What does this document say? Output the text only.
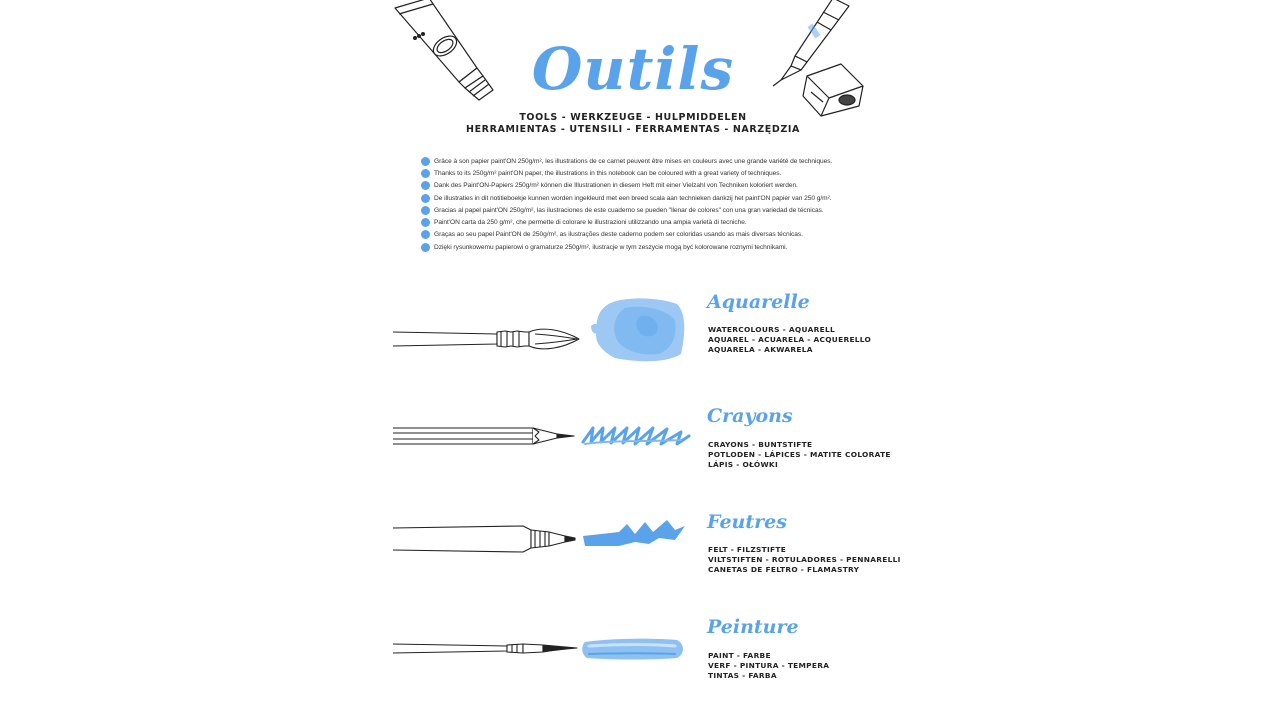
Outils
TOOLS - WERKZEUGE - HULPMIDDELEN
HERRAMIENTAS - UTENSILI - FERRAMENTAS - NARZĘDZIA
Grâce à son papier paint'ON 250g/m², les illustrations de ce carnet peuvent être mises en couleurs avec une grande variété de techniques.
Thanks to its 250g/m² paint'ON paper, the illustrations in this notebook can be coloured with a great variety of techniques.
Dank des Paint'ON-Papiers 250g/m² können die Illustrationen in diesem Heft mit einer Vielzahl von Techniken koloriert werden.
De illustraties in dit notitieboekje kunnen worden ingekleurd met een breed scala aan technieken dankzij het paint'ON papier van 250 g/m².
Gracias al papel paint'ON 250g/m², las ilustraciones de este cuaderno se pueden "llenar de colores" con una gran variedad de técnicas.
Paint'ON carta da 250 g/m², che permette di colorare le illustrazioni utilizzando una ampia varietà di tecniche.
Graças ao seu papel Paint'ON de 250g/m², as ilustrações deste caderno podem ser coloridas usando as mais diversas técnicas.
Dzięki rysunkowemu papierowi o gramaturze 250g/m², ilustracje w tym zeszycie mogą być kolorowane roznymi technikami.
Aquarelle
WATERCOLOURS - AQUARELL
AQUAREL - ACUARELA - ACQUERELLO
AQUARELA - AKWARELA
Crayons
CRAYONS - BUNTSTIFTE
POTLODEN - LÁPICES - MATITE COLORATE
LÁPIS - OŁÓWKI
Feutres
FELT - FILZSTIFTE
VILTSTIFTEN - ROTULADORES - PENNARELLI
CANETAS DE FELTRO - FLAMASTRY
Peinture
PAINT - FARBE
VERF - PINTURA - TEMPERA
TINTAS - FARBA
